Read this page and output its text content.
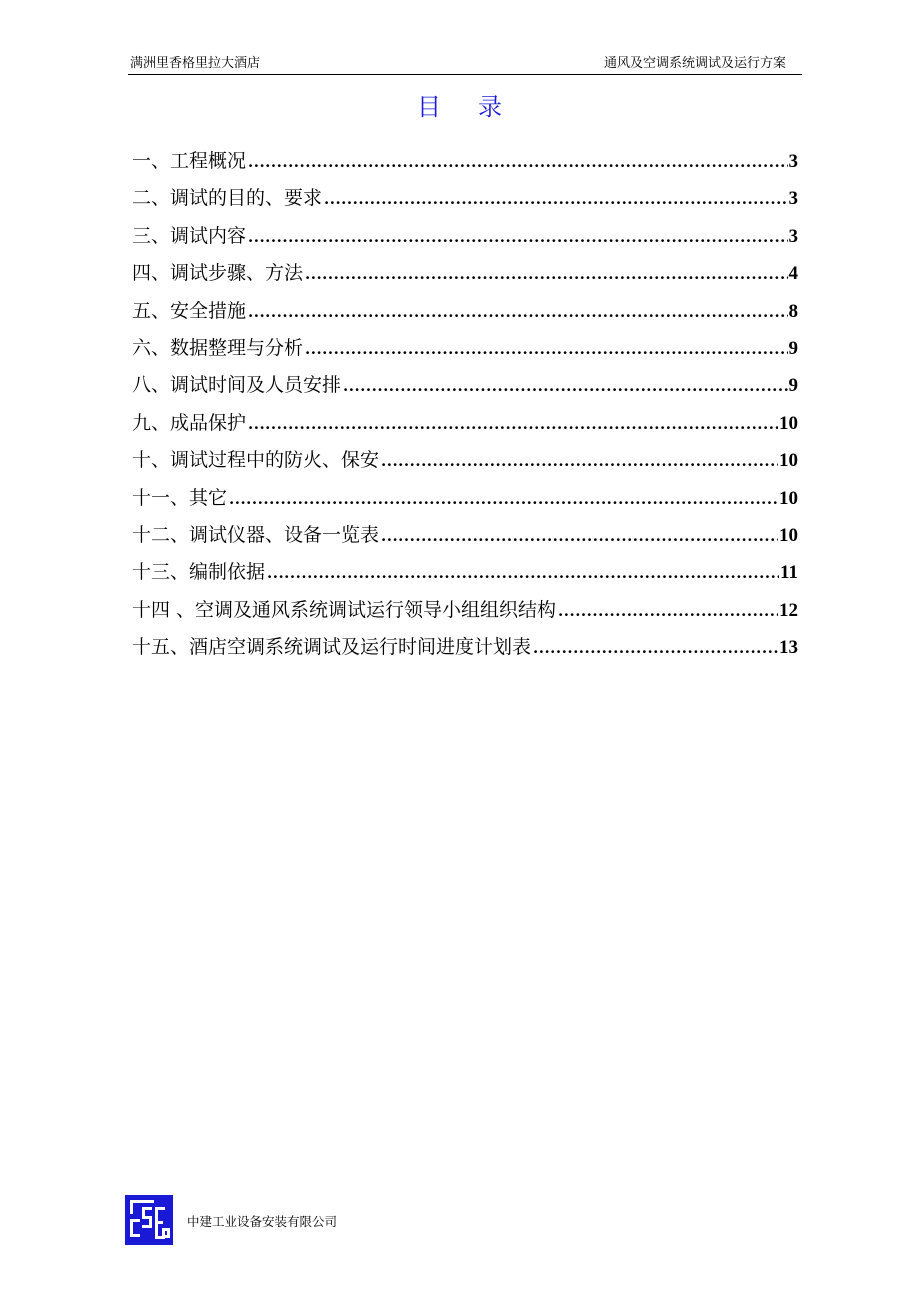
满洲里香格里拉大酒店	通风及空调系统调试及运行方案
目 录
一、工程概况 .....	3
二、调试的目的、要求 .....	3
三、调试内容 .....	3
四、调试步骤、方法 .....	4
五、安全措施 .....	8
六、数据整理与分析 .....	9
八、调试时间及人员安排 .....	9
九、成品保护 .....	10
十、调试过程中的防火、保安 .....	10
十一、其它 .....	10
十二、调试仪器、设备一览表 .....	10
十三、编制依据 .....	11
十四 、空调及通风系统调试运行领导小组组织结构 .....	12
十五、酒店空调系统调试及运行时间进度计划表 .....	13
中建工业设备安装有限公司
